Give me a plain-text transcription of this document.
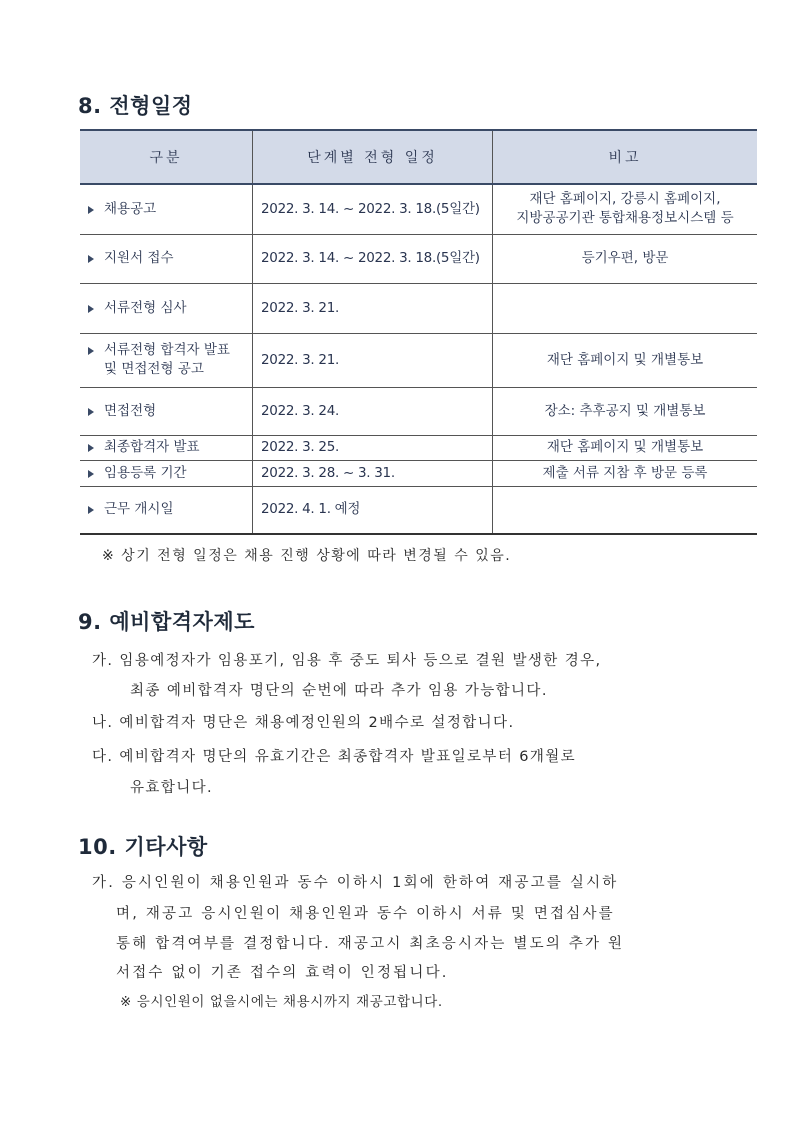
8. 전형일정
구분	단계별 전형 일정	비고

채용공고	2022. 3. 14. ~ 2022. 3. 18.(5일간)	재단 홈페이지, 강릉시 홈페이지,
지방공공기관 통합채용정보시스템 등

지원서 접수	2022. 3. 14. ~ 2022. 3. 18.(5일간)	등기우편, 방문

서류전형 심사	2022. 3. 21.	

서류전형 합격자 발표
및 면접전형 공고	2022. 3. 21.	재단 홈페이지 및 개별통보

면접전형	2022. 3. 24.	장소: 추후공지 및 개별통보

최종합격자 발표	2022. 3. 25.	재단 홈페이지 및 개별통보

임용등록 기간	2022. 3. 28. ~ 3. 31.	제출 서류 지참 후 방문 등록

근무 개시일	2022. 4. 1. 예정	
※ 상기 전형 일정은 채용 진행 상황에 따라 변경될 수 있음.
9. 예비합격자제도

가. 임용예정자가 임용포기, 임용 후 중도 퇴사 등으로 결원 발생한 경우,

최종 예비합격자 명단의 순번에 따라 추가 임용 가능합니다.

나. 예비합격자 명단은 채용예정인원의 2배수로 설정합니다.

다. 예비합격자 명단의 유효기간은 최종합격자 발표일로부터 6개월로

유효합니다.

10. 기타사항

가. 응시인원이 채용인원과 동수 이하시 1회에 한하여 재공고를 실시하

며, 재공고 응시인원이 채용인원과 동수 이하시 서류 및 면접심사를

통해 합격여부를 결정합니다. 재공고시 최초응시자는 별도의 추가 원

서접수 없이 기존 접수의 효력이 인정됩니다.

※ 응시인원이 없을시에는 채용시까지 재공고합니다.
